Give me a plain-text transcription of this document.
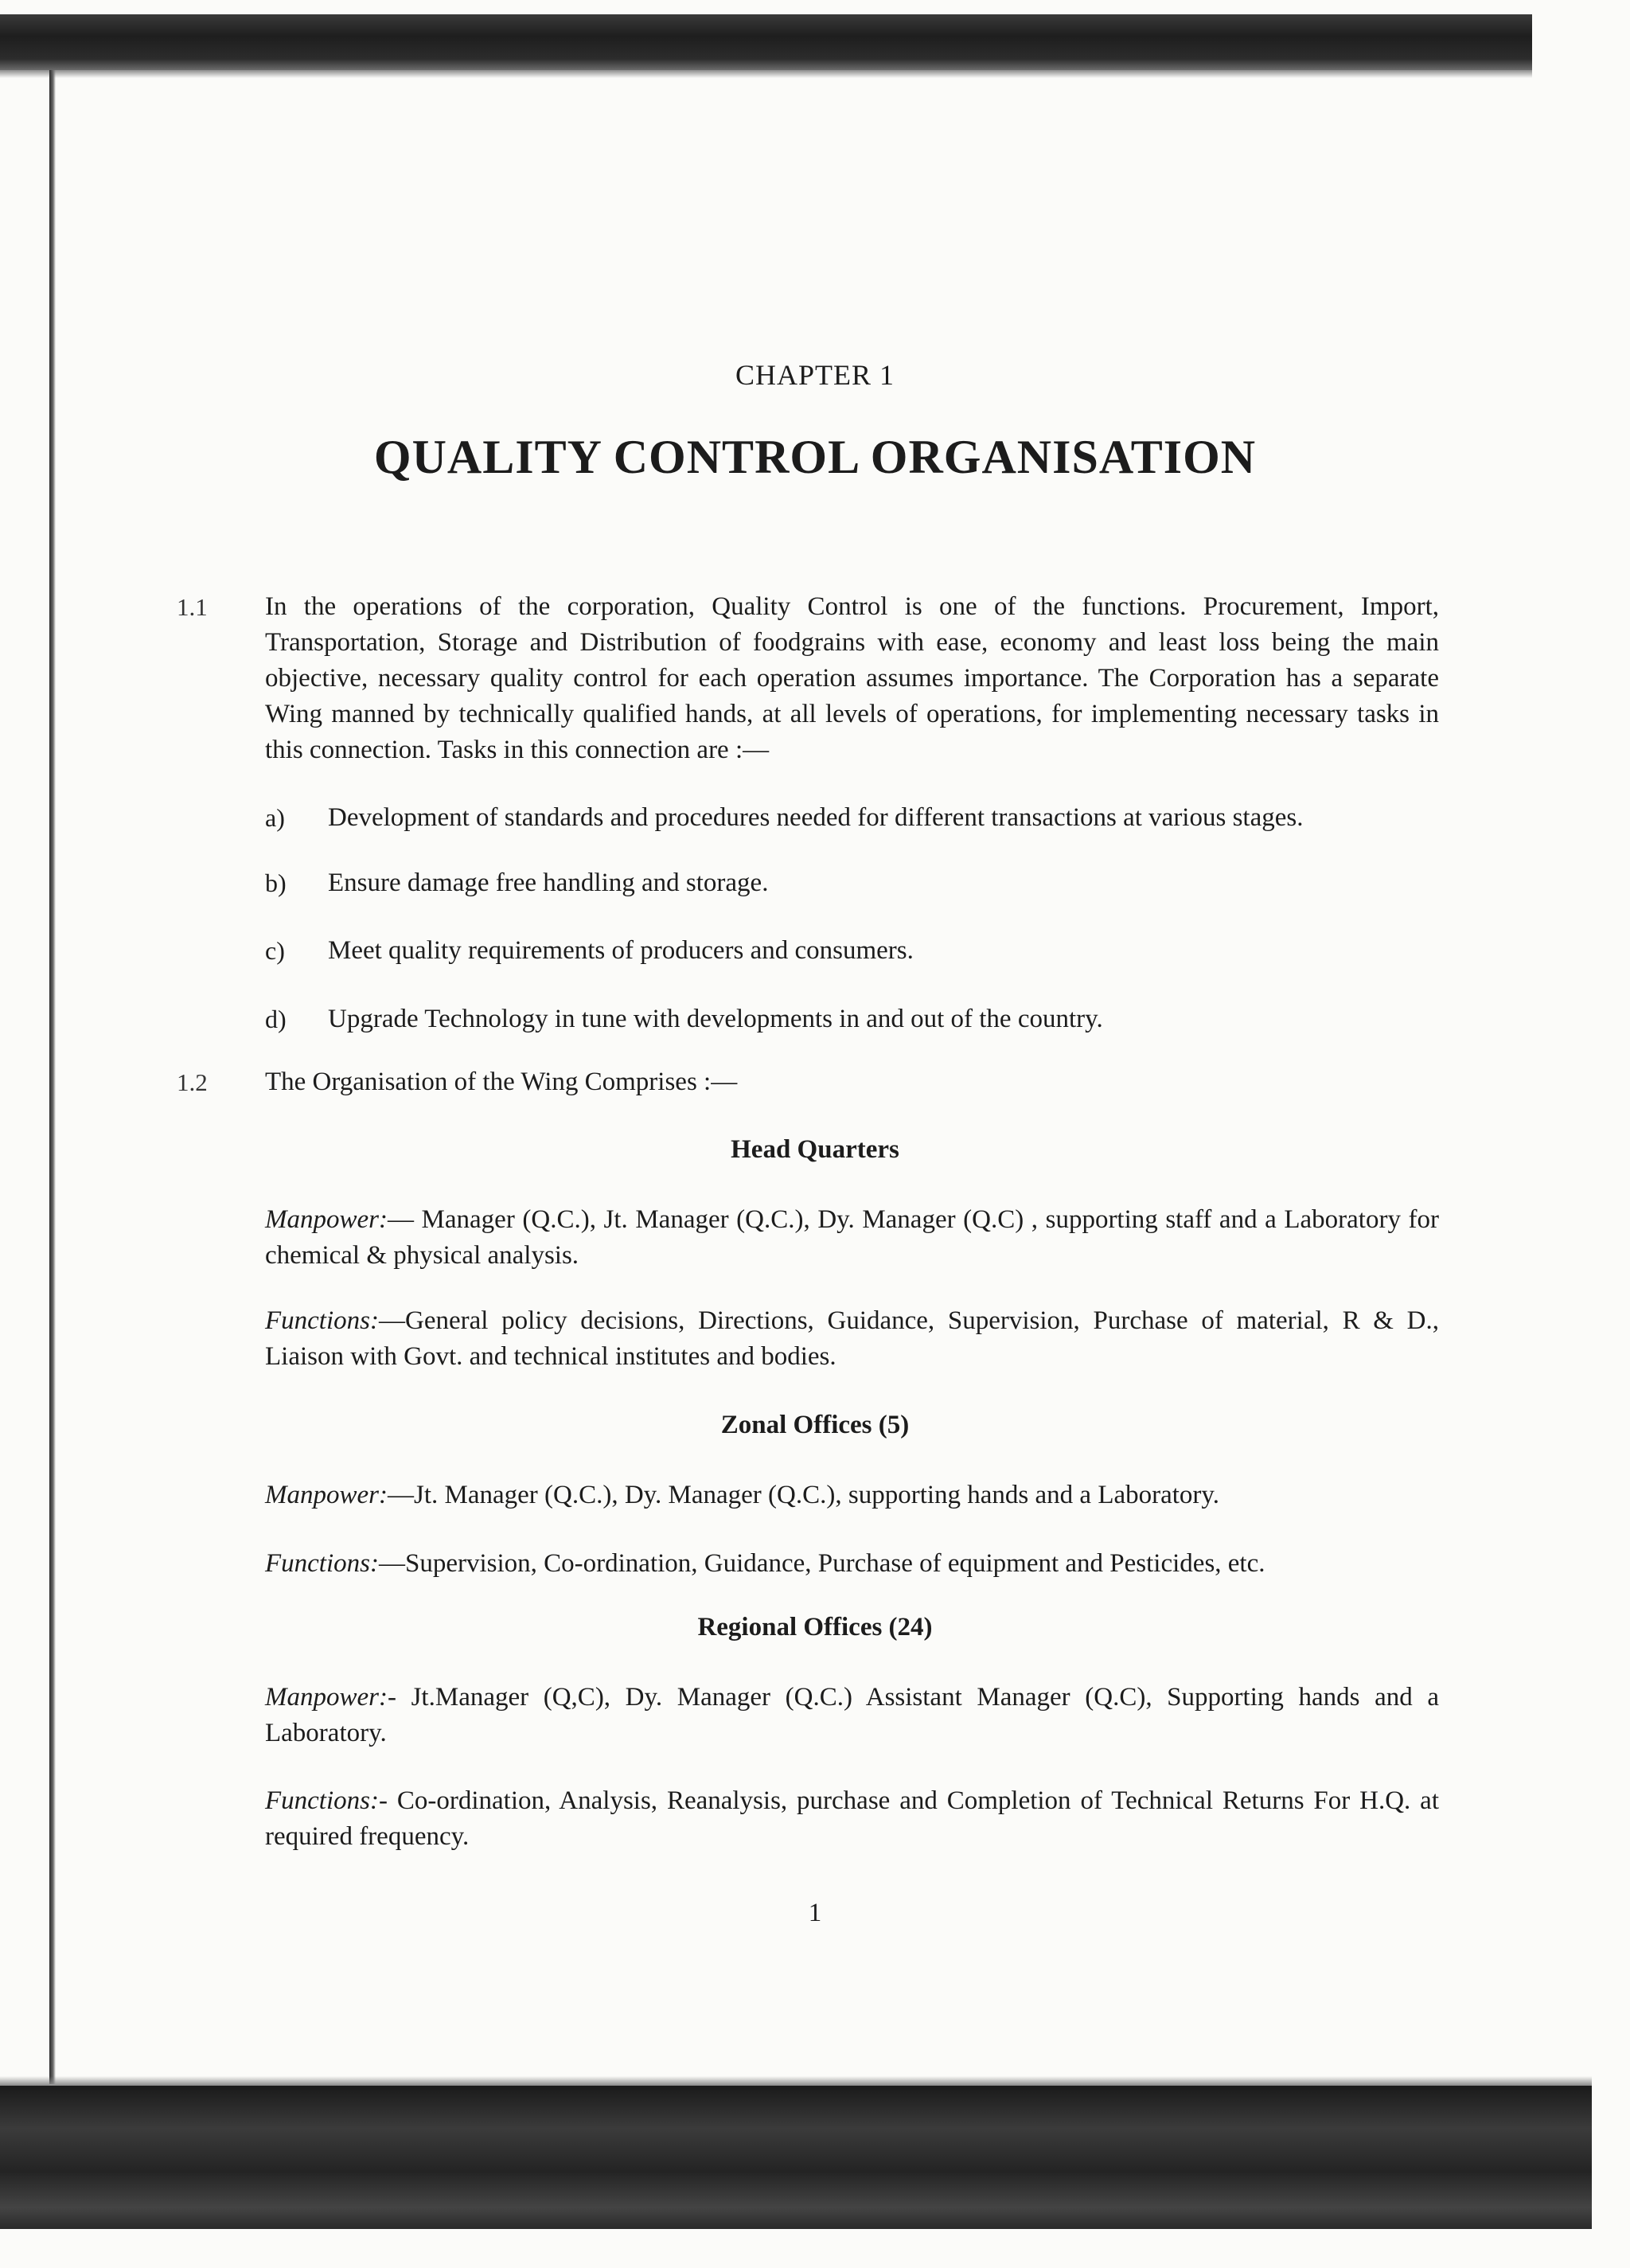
CHAPTER 1
QUALITY CONTROL ORGANISATION
1.1 In the operations of the corporation, Quality Control is one of the functions. Procurement, Import, Transportation, Storage and Distribution of foodgrains with ease, economy and least loss being the main objective, necessary quality control for each operation assumes importance. The Corporation has a separate Wing manned by technically qualified hands, at all levels of operations, for implementing necessary tasks in this connection. Tasks in this connection are :—
a) Development of standards and procedures needed for different transactions at various stages.
b) Ensure damage free handling and storage.
c) Meet quality requirements of producers and consumers.
d) Upgrade Technology in tune with developments in and out of the country.
1.2 The Organisation of the Wing Comprises :—
Head Quarters
Manpower:— Manager (Q.C.), Jt. Manager (Q.C.), Dy. Manager (Q.C) , supporting staff and a Laboratory for chemical & physical analysis.
Functions:—General policy decisions, Directions, Guidance, Supervision, Purchase of material, R & D., Liaison with Govt. and technical institutes and bodies.
Zonal Offices (5)
Manpower:—Jt. Manager (Q.C.), Dy. Manager (Q.C.), supporting hands and a Laboratory.
Functions:—Supervision, Co-ordination, Guidance, Purchase of equipment and Pesticides, etc.
Regional Offices (24)
Manpower:- Jt.Manager (Q,C), Dy. Manager (Q.C.) Assistant Manager (Q.C), Supporting hands and a Laboratory.
Functions:- Co-ordination, Analysis, Reanalysis, purchase and Completion of Technical Returns For H.Q. at required frequency.
1
